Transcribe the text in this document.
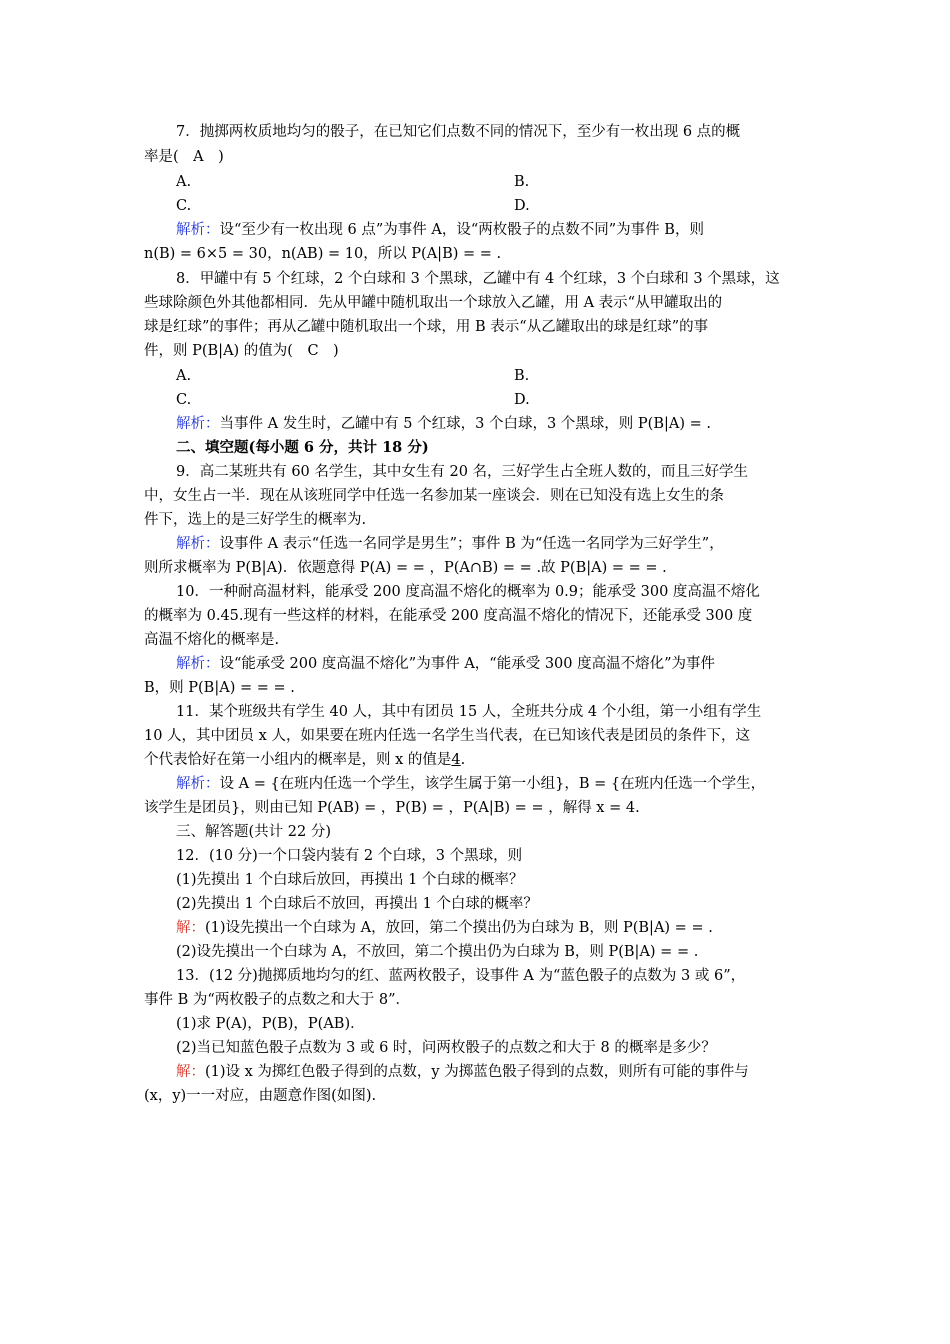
7．抛掷两枚质地均匀的骰子，在已知它们点数不同的情况下，至少有一枚出现 6 点的概
率是(　A　)
A.	B.
C.	D.
解析：设“至少有一枚出现 6 点”为事件 A，设“两枚骰子的点数不同”为事件 B，则
n(B) = 6×5 = 30，n(AB) = 10，所以 P(A|B) = = .
8．甲罐中有 5 个红球，2 个白球和 3 个黑球，乙罐中有 4 个红球，3 个白球和 3 个黑球，这
些球除颜色外其他都相同．先从甲罐中随机取出一个球放入乙罐，用 A 表示“从甲罐取出的
球是红球”的事件；再从乙罐中随机取出一个球，用 B 表示“从乙罐取出的球是红球”的事
件，则 P(B|A) 的值为(　C　)
A.	B.
C.	D.
解析：当事件 A 发生时，乙罐中有 5 个红球，3 个白球，3 个黑球，则 P(B|A) = .
二、填空题(每小题 6 分，共计 18 分)
9．高二某班共有 60 名学生，其中女生有 20 名，三好学生占全班人数的，而且三好学生
中，女生占一半．现在从该班同学中任选一名参加某一座谈会．则在已知没有选上女生的条
件下，选上的是三好学生的概率为.
解析：设事件 A 表示“任选一名同学是男生”；事件 B 为“任选一名同学为三好学生”，
则所求概率为 P(B|A)．依题意得 P(A) = = ，P(A∩B) = = .故 P(B|A) = = = .
10．一种耐高温材料，能承受 200 度高温不熔化的概率为 0.9；能承受 300 度高温不熔化
的概率为 0.45.现有一些这样的材料，在能承受 200 度高温不熔化的情况下，还能承受 300 度
高温不熔化的概率是.
解析：设“能承受 200 度高温不熔化”为事件 A，“能承受 300 度高温不熔化”为事件
B，则 P(B|A) = = = .
11．某个班级共有学生 40 人，其中有团员 15 人，全班共分成 4 个小组，第一小组有学生
10 人，其中团员 x 人，如果要在班内任选一名学生当代表，在已知该代表是团员的条件下，这
个代表恰好在第一小组内的概率是，则 x 的值是4.
解析：设 A = {在班内任选一个学生，该学生属于第一小组}，B = {在班内任选一个学生，
该学生是团员}，则由已知 P(AB) = ，P(B) = ，P(A|B) = = ，解得 x = 4.
三、解答题(共计 22 分)
12．(10 分)一个口袋内装有 2 个白球，3 个黑球，则
(1)先摸出 1 个白球后放回，再摸出 1 个白球的概率？
(2)先摸出 1 个白球后不放回，再摸出 1 个白球的概率？
解：(1)设先摸出一个白球为 A，放回，第二个摸出仍为白球为 B，则 P(B|A) = = .
(2)设先摸出一个白球为 A，不放回，第二个摸出仍为白球为 B，则 P(B|A) = = .
13．(12 分)抛掷质地均匀的红、蓝两枚骰子，设事件 A 为“蓝色骰子的点数为 3 或 6”，
事件 B 为“两枚骰子的点数之和大于 8”．
(1)求 P(A)，P(B)，P(AB)．
(2)当已知蓝色骰子点数为 3 或 6 时，问两枚骰子的点数之和大于 8 的概率是多少？
解：(1)设 x 为掷红色骰子得到的点数，y 为掷蓝色骰子得到的点数，则所有可能的事件与
(x，y)一一对应，由题意作图(如图).
